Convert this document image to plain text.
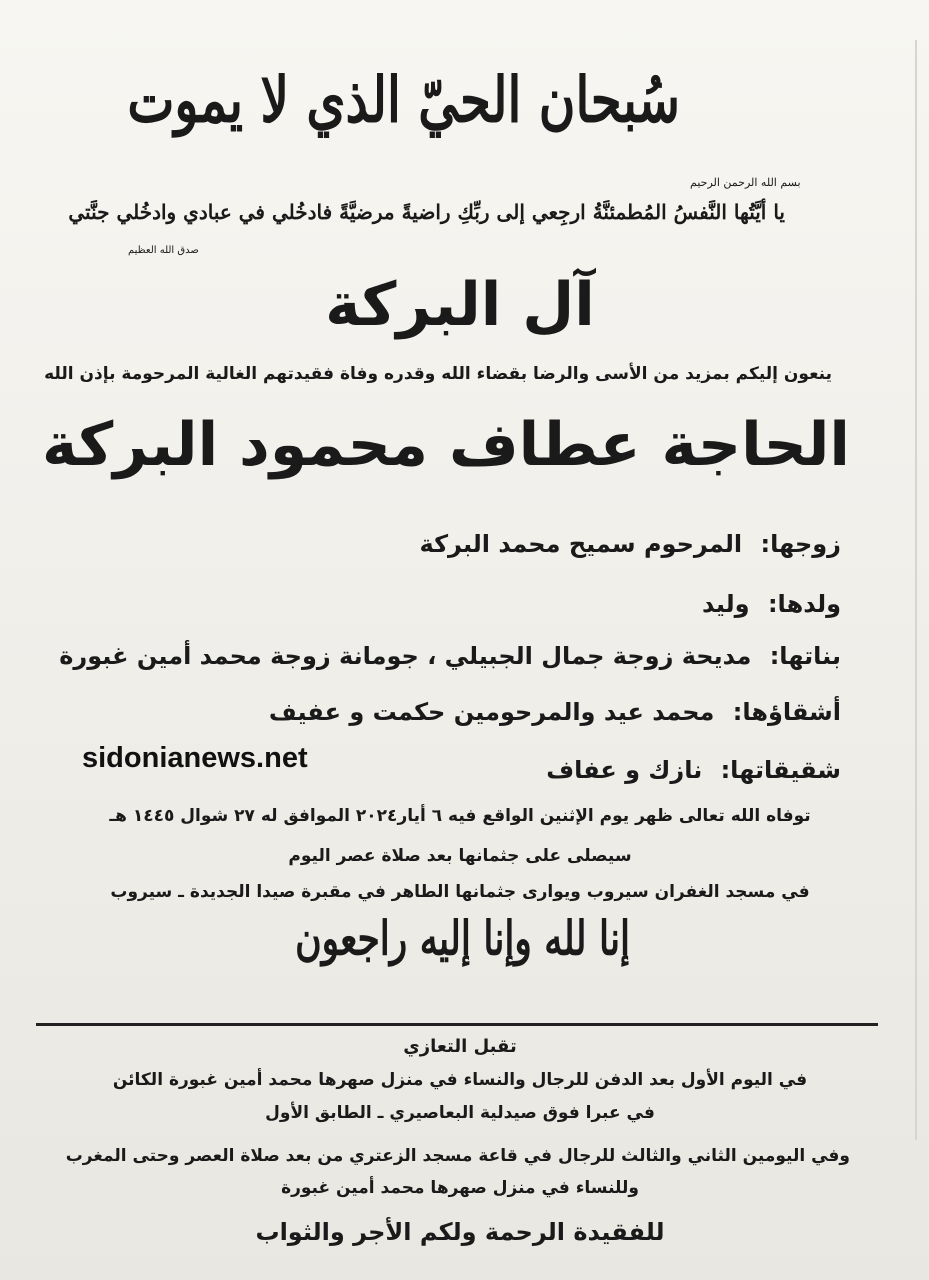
سُبحان الحيّ الذي لا يموت
بسم الله الرحمن الرحيم
يا أيَّتُها النَّفسُ المُطمئنَّةُ ارجِعي إلى ربِّكِ راضيةً مرضيَّةً فادخُلي في عبادي وادخُلي جنَّتي
صدق الله العظيم
آل البركة
ينعون إليكم بمزيد من الأسى والرضا بقضاء الله وقدره وفاة فقيدتهم الغالية المرحومة بإذن الله
الحاجة عطاف محمود البركة
زوجها: المرحوم سميح محمد البركة
ولدها: وليد
بناتها: مديحة زوجة جمال الجبيلي ، جومانة زوجة محمد أمين غبورة
أشقاؤها: محمد عيد والمرحومين حكمت و عفيف
شقيقاتها: نازك و عفاف
sidonianews.net
توفاه الله تعالى ظهر يوم الإثنين الواقع فيه ٦ أيار٢٠٢٤ الموافق له ٢٧ شوال ١٤٤٥ هـ
سيصلى على جثمانها بعد صلاة عصر اليوم
في مسجد الغفران سيروب ويوارى جثمانها الطاهر في مقبرة صيدا الجديدة ـ سيروب
إنا لله وإنا إليه راجعون
تقبل التعازي
في اليوم الأول بعد الدفن للرجال والنساء في منزل صهرها محمد أمين غبورة الكائن
في عبرا فوق صيدلية البعاصيري ـ الطابق الأول
وفي اليومين الثاني والثالث للرجال في قاعة مسجد الزعتري من بعد صلاة العصر وحتى المغرب
وللنساء في منزل صهرها محمد أمين غبورة
للفقيدة الرحمة ولكم الأجر والثواب
